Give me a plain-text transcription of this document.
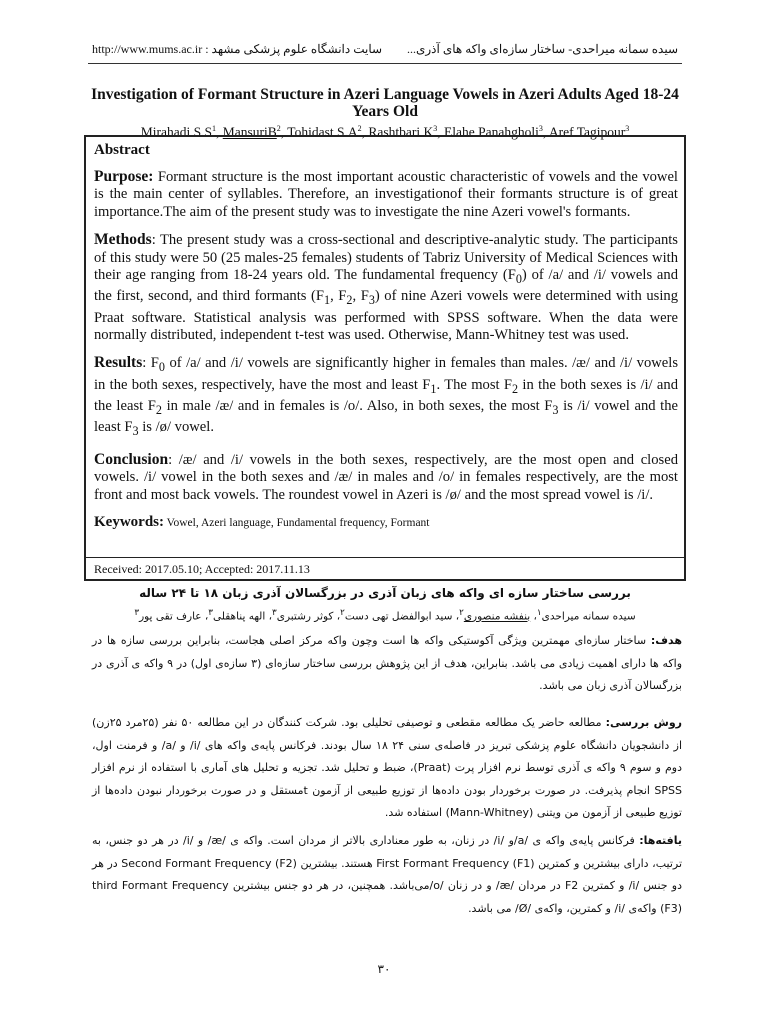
http://www.mums.ac.ir : سایت دانشگاه علوم پزشکی مشهد سیده سمانه میراحدی- ساختار سازه‌ای واکه های آذری...
Investigation of Formant Structure in Azeri Language Vowels in Azeri Adults Aged 18-24 Years Old
Mirahadi $S.S^1$, MansuriB$^2$, Tohidast $S.A^2$, Rashtbari $K^3$, Elahe Panahgholi$^3$, Aref Tagipour$^3$
Abstract

Purpose: Formant structure is the most important acoustic characteristic of vowels and the vowel is the main center of syllables. Therefore, an investigationof their formants structure is of great importance.The aim of the present study was to investigate the nine Azeri vowel's formants.

Methods: The present study was a cross-sectional and descriptive-analytic study. The participants of this study were 50 (25 males-25 females) students of Tabriz University of Medical Sciences with their age ranging from 18-24 years old. The fundamental frequency $(F_0)$ of /a/ and /i/ vowels and the first, second, and third formants ($F_1$, $F_2$, $F_3$) of nine Azeri vowels were determined with using Praat software. Statistical analysis was performed with SPSS software. When the data were normally distributed, independent t-test was used. Otherwise, Mann-Whitney test was used.

Results: $F_0$ of /a/ and /i/ vowels are significantly higher in females than males. /æ/ and /i/ vowels in the both sexes, respectively, have the most and least $F_1$. The most $F_2$ in the both sexes is /i/ and the least $F_2$ in male /æ/ and in females is /o/. Also, in both sexes, the most $F_3$ is /i/ vowel and the least $F_3$ is /ø/ vowel.

Conclusion: /æ/ and /i/ vowels in the both sexes, respectively, are the most open and closed vowels. /i/ vowel in the both sexes and /æ/ in males and /o/ in females respectively, are the most front and most back vowels. The roundest vowel in Azeri is /ø/ and the most spread vowel is /i/.

Keywords: Vowel, Azeri language, Fundamental frequency, Formant
Received: 2017.05.10; Accepted: 2017.11.13
بررسی ساختار سازه ای واکه های زبان آذری در بزرگسالان آذری زبان ۱۸ تا ۲۴ ساله
سیده سمانه میراحدی$^۱$، بنفشه منصوری$^۲$، سید ابوالفضل تهی دست$^۲$، کوثر رشتبری$^۳$، الهه پناهقلی$^۳$، عارف تقی پور$^۳$
هدف: ساختار سازه‌ای مهمترین ویژگی آکوستیکی واکه ها است وچون واکه مرکز اصلی هجاست، بنابراین بررسی سازه ها در واکه ها دارای اهمیت زیادی می باشد. بنابراین، هدف از این پژوهش بررسی ساختار سازه‌ای (۳ سازه‌ی اول) در ۹ واکه ی آذری در بزرگسالان آذری زبان می باشد.
روش بررسی: مطالعه حاضر یک مطالعه مقطعی و توصیفی تحلیلی بود. شرکت کنندگان در این مطالعه ۵۰ نفر (۲۵مرد ۲۵زن) از دانشجویان دانشگاه علوم پزشکی تبریز در فاصله‌ی سنی ۲۴ ۱۸ سال بودند. فرکانس پایه‌ی واکه های /i/ و /a/ و فرمنت اول، دوم و سوم ۹ واکه ی آذری توسط نرم افزار پرت (Praat)، ضبط و تحلیل شد. تجزیه و تحلیل های آماری با استفاده از نرم افزار SPSS انجام پذیرفت. در صورت برخوردار بودن داده‌ها از توزیع طبیعی از آزمون tمستقل و در صورت برخوردار نبودن داده‌ها از توزیع طبیعی از آزمون من ویتنی (Mann-Whitney) استفاده شد.
یافته‌ها: فرکانس پایه‌ی واکه ی /a/و /i/ در زنان، به طور معناداری بالاتر از مردان است. واکه ی /æ/ و /i/ در هر دو جنس، به ترتیب، دارای بیشترین و کمترین First Formant Frequency (F1) هستند. بیشترین Second Formant Frequency (F2) در هر دو جنس /i/ و کمترین F2 در مردان /æ/ و در زنان /o/می‌باشد. همچنین، در هر دو جنس بیشترین third Formant Frequency (F3) واکه‌ی /i/ و کمترین، واکه‌ی /Ø/ می باشد.
۳۰
